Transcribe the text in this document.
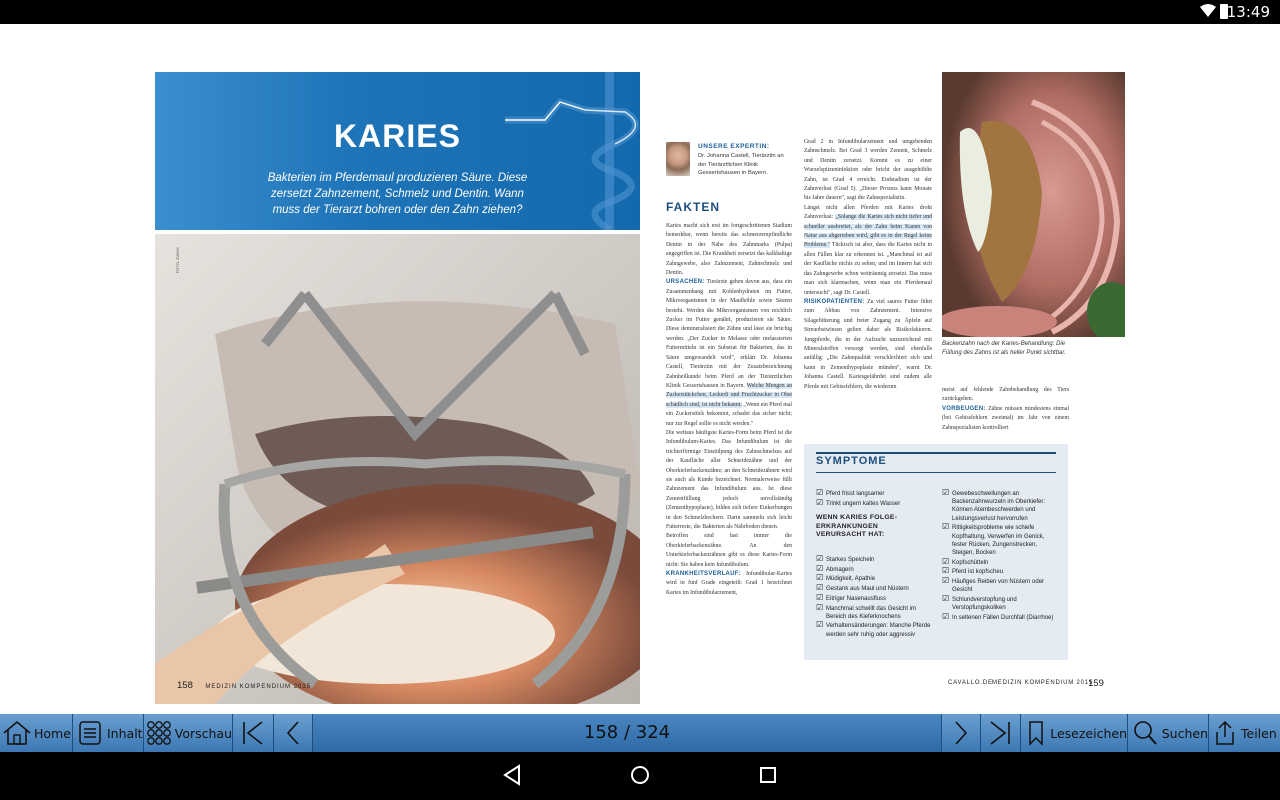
13:49
KARIES
Bakterien im Pferdemaul produzieren Säure. Diese zersetzt Zahnzement, Schmelz und Dentin. Wann muss der Tierarzt bohren oder den Zahn ziehen?
FOTO: ZWICK
158 MEDIZIN KOMPENDIUM 2015
UNSERE EXPERTIN:
Dr. Johanna Castell, Tierärztin an der Tierärztlichen Klinik Gessertshausen in Bayern.
FAKTEN
Karies macht sich erst im fortgeschrittenen Stadium bemerkbar, wenn bereits das schmerzempfindliche Dentin in der Nähe des Zahnmarks (Pulpa) angegriffen ist. Die Krankheit zersetzt das kalkhaltige Zahngewebe, also Zahnzement, Zahnschmelz und Dentin.
URSACHEN: Tierärzte gehen davon aus, dass ein Zusammenhang mit Kohlenhydraten im Futter, Mikroorganismen in der Maulhöhle sowie Säuren besteht. Werden die Mikroorganismen von reichlich Zucker im Futter genährt, produzieren sie Säure. Diese demineralisiert die Zähne und lässt sie brüchig werden. „Der Zucker in Melasse oder melassierten Futtermitteln ist ein Substrat für Bakterien, das in Säure umgewandelt wird", erklärt Dr. Johanna Castell, Tierärztin mit der Zusatzbezeichnung Zahnheilkunde beim Pferd an der Tierärztlichen Klinik Gessertshausen in Bayern. Welche Mengen an Zuckerstückchen, Leckerli und Fruchtzucker in Obst schädlich sind, ist nicht bekannt. „Wenn ein Pferd mal ein Zuckerstück bekommt, schadet das sicher nicht; nur zur Regel sollte es nicht werden."
Die weitaus häufigste Karies-Form beim Pferd ist die Infundibulum-Karies. Das Infundibulum ist die trichterförmige Einstülpung des Zahnschmelzes auf der Kaufläche aller Schneidezähne und der Oberkieferbackenzähne; an den Schneidezähnen wird sie auch als Kunde bezeichnet. Normalerweise füllt Zahnzement das Infundibulum aus. Ist diese Zementfüllung jedoch unvollständig (Zementhypoplasie), bilden sich tiefere Einkerbungen in den Schmelzbechern. Darin sammeln sich leicht Futterreste, die Bakterien als Nährboden dienen.
Betroffen sind fast immer die Oberkieferbackenzähne. An den Unterkieferbackenzähnen gibt es diese Karies-Form nicht: Sie haben kein Infundibulum.
KRANKHEITSVERLAUF: Infundibular-Karies wird in fünf Grade eingeteilt: Grad 1 bezeichnet Karies im Infundibularzement,
Grad 2 in Infundibularzement und umgebenden Zahnschmelz. Bei Grad 3 werden Zement, Schmelz und Dentin zersetzt. Kommt es zu einer Wurzelspitzeninfektion oder bricht der ausgehöhlte Zahn, ist Grad 4 erreicht. Endstadium ist der Zahnverlust (Grad 5). „Dieser Prozess kann Monate bis Jahre dauern", sagt die Zahnspezialistin.
Längst nicht allen Pferden mit Karies droht Zahnverlust: „Solange die Karies sich nicht tiefer und schneller ausbreitet, als der Zahn beim Kauen von Natur aus abgerieben wird, gibt es in der Regel keine Probleme." Tückisch ist aber, dass die Karies nicht in allen Fällen klar zu erkennen ist. „Manchmal ist auf der Kaufläche nichts zu sehen, und im Innern hat sich das Zahngewebe schon weiträumig zersetzt. Das muss man sich klarmachen, wenn man ein Pferdemaul untersucht", sagt Dr. Castell.
RISIKOPATIENTEN: Zu viel saures Futter führt zum Abbau von Zahnzement. Intensive Silagefütterung und freier Zugang zu Äpfeln auf Streuobstwiesen gelten daher als Risikofaktoren. Jungpferde, die in der Aufzucht unzureichend mit Mineralstoffen versorgt werden, sind ebenfalls anfällig: „Die Zahnqualität verschlechtert sich und kann in Zementhypoplasie münden", warnt Dr. Johanna Castell. Kariesgefährdet sind zudem alle Pferde mit Gebissfehlern, die wiederum
Backenzahn nach der Karies-Behandlung: Die Füllung des Zahns ist als heller Punkt sichtbar.
meist auf fehlende Zahnbehandlung des Tiers zurückgehen.
VORBEUGEN: Zähne müssen mindestens einmal (bei Gebissfehlern zweimal) im Jahr von einem Zahnspezialisten kontrolliert
SYMPTOME
☑ Pferd frisst langsamer
☑ Trinkt ungern kaltes Wasser
WENN KARIES FOLGE-ERKRANKUNGEN VERURSACHT HAT:
☑ Starkes Speicheln
☑ Abmagern
☑ Müdigkeit, Apathie
☑ Gestank aus Maul und Nüstern
☑ Eitriger Nasenausfluss
☑ Manchmal schwillt das Gesicht im Bereich des Kieferknochens
☑ Verhaltensänderungen: Manche Pferde werden sehr ruhig oder aggressiv
☑ Gewebeschwellungen an Backenzahnwurzeln im Oberkiefer: Können Atembeschwerden und Leistungsverlust hervorrufen
☑ Rittigkeitsprobleme wie schiefe Kopfhaltung, Verwerfen im Genick, fester Rücken, Zungenstrecken, Steigen, Bocken
☑ Kopfschütteln
☑ Pferd ist kopfscheu
☑ Häufiges Reiben von Nüstern oder Gesicht
☑ Schlundverstopfung und Verstopfungskoliken
☑ In seltenen Fällen Durchfall (Diarrhoe)
CAVALLO.DE MEDIZIN KOMPENDIUM 2015
159
Home	Inhalt	Vorschau	158 / 324	Lesezeichen	Suchen	Teilen
